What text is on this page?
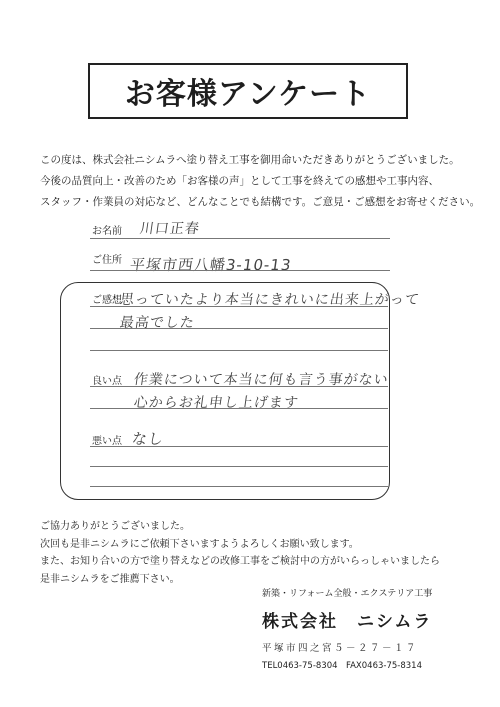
お客様アンケート
この度は、株式会社ニシムラへ塗り替え工事を御用命いただきありがとうございました。
今後の品質向上・改善のため「お客様の声」として工事を終えての感想や工事内容、
スタッフ・作業員の対応など、どんなことでも結構です。ご意見・ご感想をお寄せください。
お名前 川口正春
ご住所 平塚市西八幡3-10-13
ご感想
思っていたより本当にきれいに出来上がって
最高でした
良い点 作業について本当に何も言う事がない
心からお礼申し上げます
悪い点 なし
ご協力ありがとうございました。
次回も是非ニシムラにご依頼下さいますようよろしくお願い致します。
また、お知り合いの方で塗り替えなどの改修工事をご検討中の方がいらっしゃいましたら
是非ニシムラをご推薦下さい。
新築・リフォーム全般・エクステリア工事
株式会社　ニシムラ
平塚市四之宮５－２７－１７
TEL0463-75-8304　FAX0463-75-8314
